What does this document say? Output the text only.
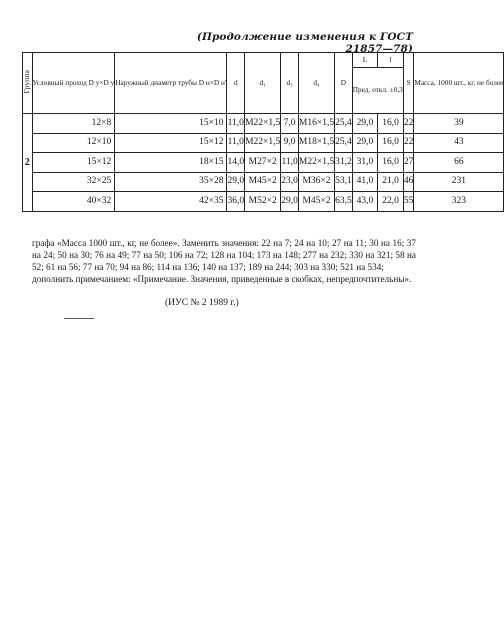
(Продолжение изменения к ГОСТ 21857—78)
Группа	Условный проход D у×D у	Наружный диаметр трубы D н×D н′	d	d₁	d₃	d₄	D	L	l	S	Масса, 1000 шт., кг, не более
								Пред. откл. ±0,3			
2	12×8	15×10	11,0	M22×1,5	7,0	M16×1,5	25,4	29,0	16,0	22	39
	12×10	15×12	11,0	M22×1,5	9,0	M18×1,5	25,4	29,0	16,0	22	43
	15×12	18×15	14,0	M27×2	11,0	M22×1,5	31,2	31,0	16,0	27	66
	32×25	35×28	29,0	M45×2	23,0	M36×2	53,1	41,0	21,0	46	231
	40×32	42×35	36,0	M52×2	29,0	M45×2	63,5	43,0	22,0	55	323

графа «Масса 1000 шт., кг, не более». Заменить значения: 22 на 7; 24 на 10; 27 на 11; 30 на 16; 37 на 24; 50 на 30; 76 на 49; 77 на 50; 106 на 72; 128 на 104; 173 на 148; 277 на 232; 330 на 321; 58 на 52; 61 на 56; 77 на 70; 94 на 86; 114 на 136; 140 на 137; 189 на 244; 303 на 330; 521 на 534;

дополнить примечанием: «Примечание. Значения, приведенные в скобках, непредпочтительны».

(ИУС № 2 1989 г.)
